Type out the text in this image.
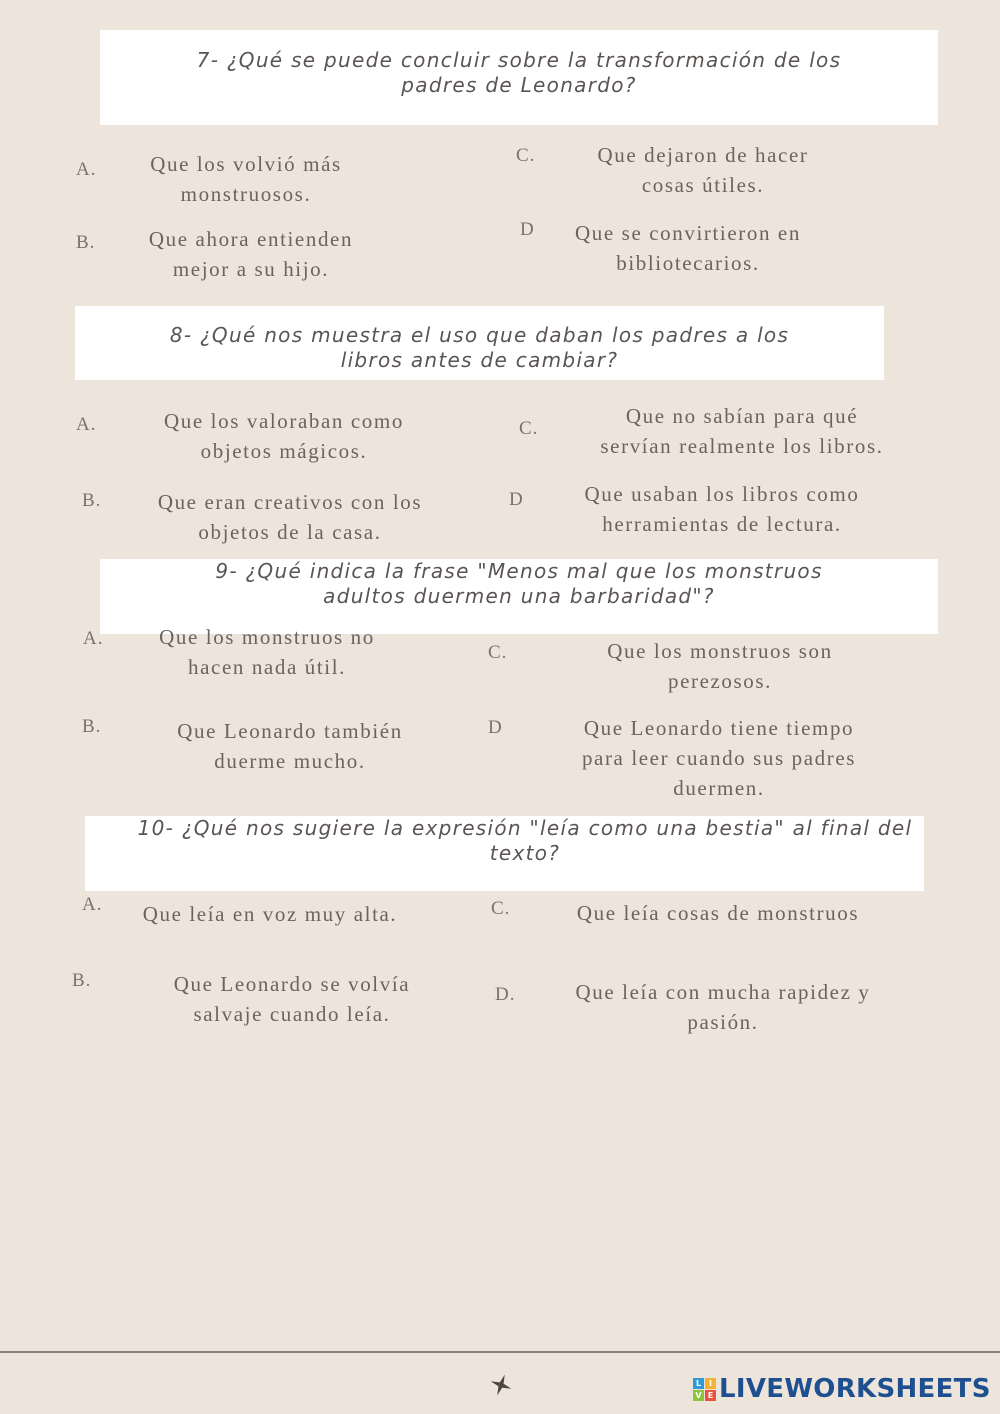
7- ¿Qué se puede concluir sobre la transformación de los
padres de Leonardo?
A.	Que los volvió más
monstruosos.
B.	Que ahora entienden
mejor a su hijo.
C.	Que dejaron de hacer
cosas útiles.
D	Que se convirtieron en
bibliotecarios.
8- ¿Qué nos muestra el uso que daban los padres a los
libros antes de cambiar?
A.	Que los valoraban como
objetos mágicos.
B.	Que eran creativos con los
objetos de la casa.
C.
Que no sabían para qué
servían realmente los libros.
D	Que usaban los libros como
herramientas de lectura.
9- ¿Qué indica la frase "Menos mal que los monstruos
adultos duermen una barbaridad"?
A.	Que los monstruos no
hacen nada útil.
B.	Que Leonardo también
duerme mucho.
C.	Que los monstruos son
perezosos.
D	Que Leonardo tiene tiempo
para leer cuando sus padres
duermen.
10- ¿Qué nos sugiere la expresión "leía como una bestia" al final del
texto?
A.	Que leía en voz muy alta.
B.	Que Leonardo se volvía
salvaje cuando leía.
C.	Que leía cosas de monstruos
D.	Que leía con mucha rapidez y
pasión.
L I
V E LIVEWORKSHEETS
